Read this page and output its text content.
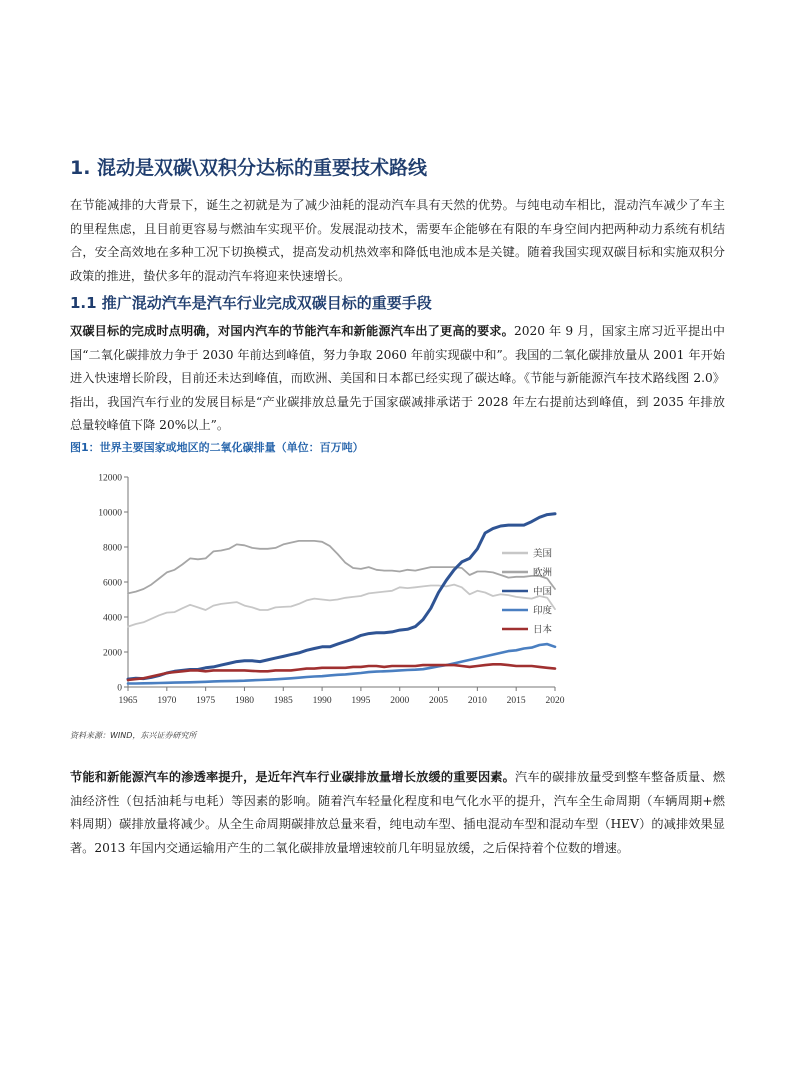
1. 混动是双碳\双积分达标的重要技术路线
在节能减排的大背景下，诞生之初就是为了减少油耗的混动汽车具有天然的优势。与纯电动车相比，混动汽车减少了车主的里程焦虑，且目前更容易与燃油车实现平价。发展混动技术，需要车企能够在有限的车身空间内把两种动力系统有机结合，安全高效地在多种工况下切换模式，提高发动机热效率和降低电池成本是关键。随着我国实现双碳目标和实施双积分政策的推进，蛰伏多年的混动汽车将迎来快速增长。
1.1 推广混动汽车是汽车行业完成双碳目标的重要手段
双碳目标的完成时点明确，对国内汽车的节能汽车和新能源汽车出了更高的要求。2020 年 9 月，国家主席习近平提出中国“二氧化碳排放力争于 2030 年前达到峰值，努力争取 2060 年前实现碳中和”。我国的二氧化碳排放量从 2001 年开始进入快速增长阶段，目前还未达到峰值，而欧洲、美国和日本都已经实现了碳达峰。《节能与新能源汽车技术路线图 2.0》指出，我国汽车行业的发展目标是“产业碳排放总量先于国家碳减排承诺于 2028 年左右提前达到峰值，到 2035 年排放总量较峰值下降 20%以上”。
图1：世界主要国家或地区的二氧化碳排量（单位：百万吨）
0
2000
4000
6000
8000
10000
12000
1965 1970 1975 1980 1985 1990 1995 2000 2005 2010 2015 2020
美国
欧洲
中国
印度
日本
资料来源：WIND，东兴证券研究所
节能和新能源汽车的渗透率提升，是近年汽车行业碳排放量增长放缓的重要因素。汽车的碳排放量受到整车整备质量、燃油经济性（包括油耗与电耗）等因素的影响。随着汽车轻量化程度和电气化水平的提升，汽车全生命周期（车辆周期+燃料周期）碳排放量将减少。从全生命周期碳排放总量来看，纯电动车型、插电混动车型和混动车型（HEV）的减排效果显著。2013 年国内交通运输用产生的二氧化碳排放量增速较前几年明显放缓，之后保持着个位数的增速。
